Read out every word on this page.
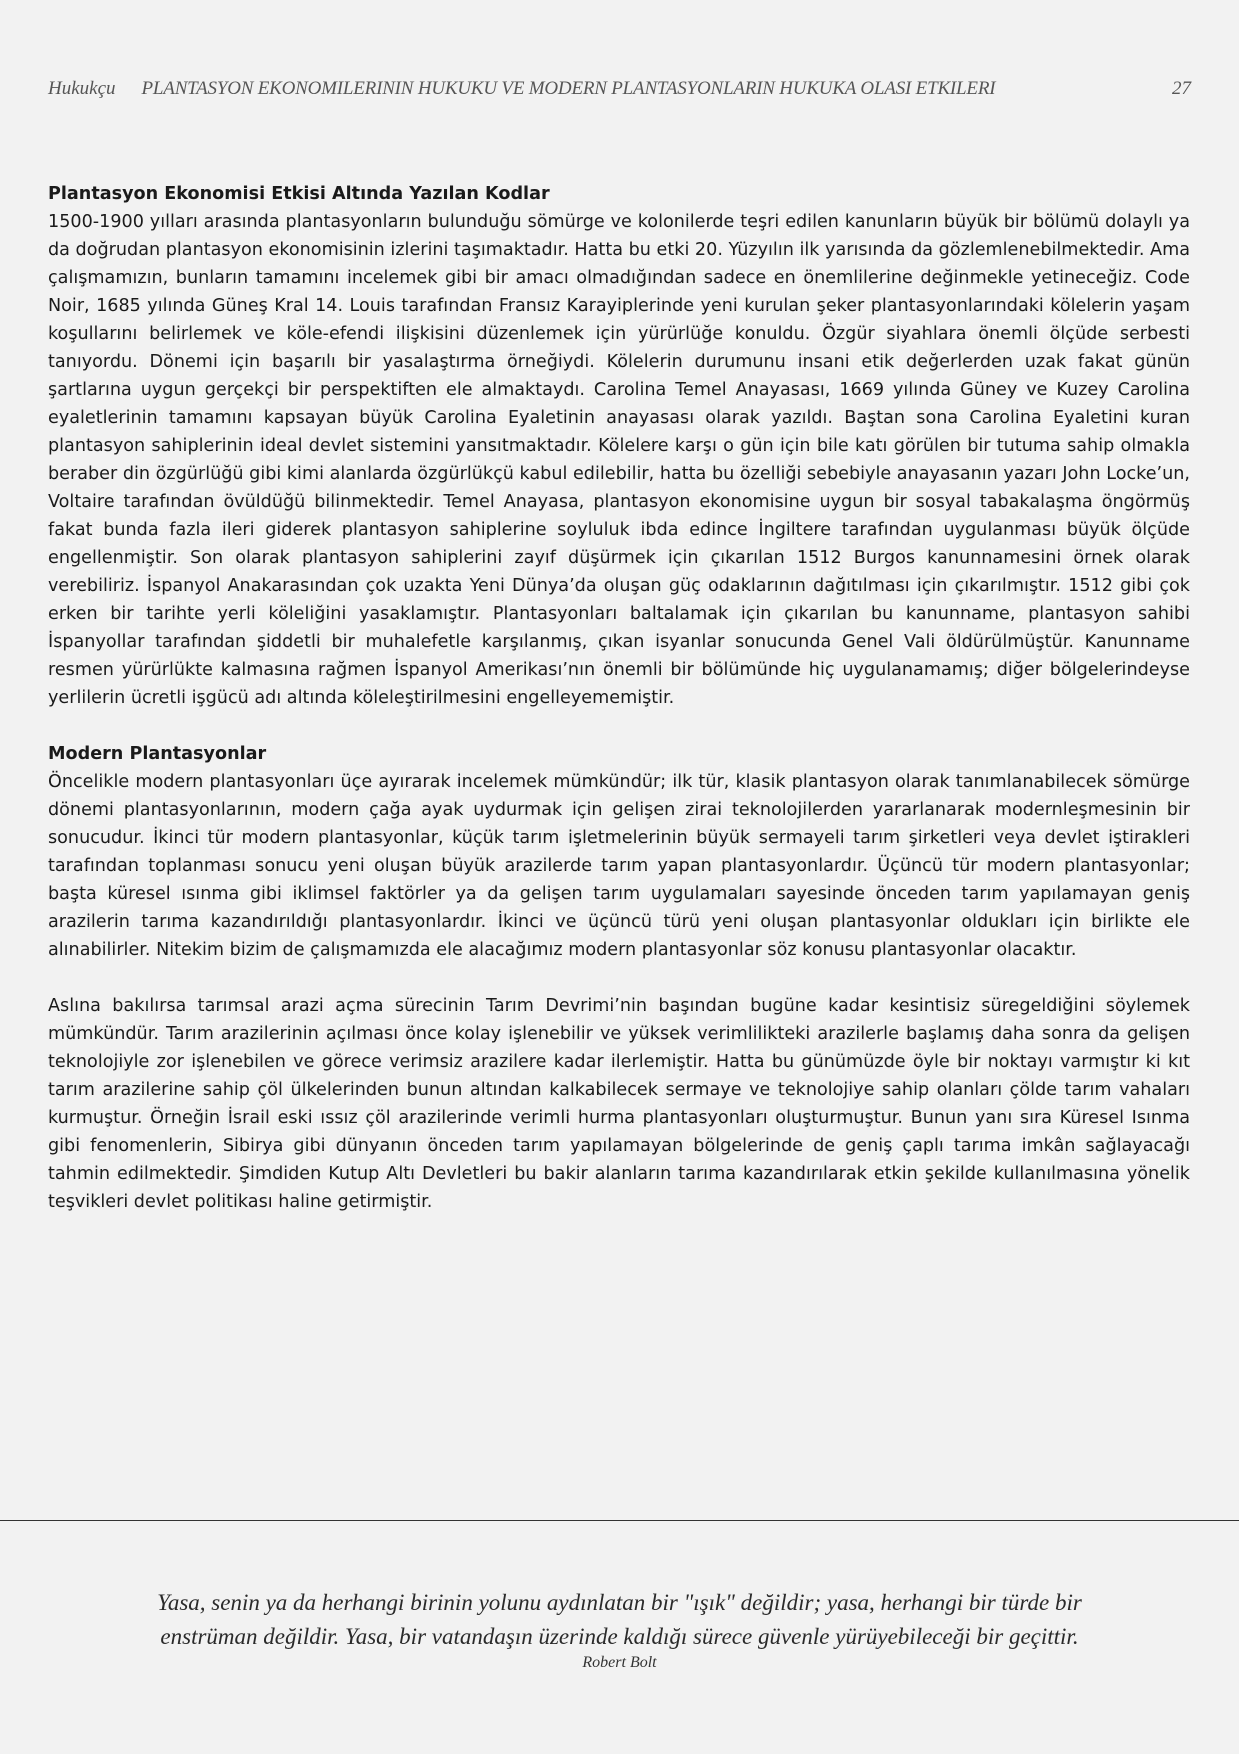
Hukukçu PLANTASYON EKONOMILERININ HUKUKU VE MODERN PLANTASYONLARIN HUKUKA OLASI ETKILERI	27
Plantasyon Ekonomisi Etkisi Altında Yazılan Kodlar

1500-1900 yılları arasında plantasyonların bulunduğu sömürge ve kolonilerde teşri edilen kanunların büyük bir bölümü dolaylı ya da doğrudan plantasyon ekonomisinin izlerini taşımaktadır. Hatta bu etki 20. Yüzyılın ilk yarısında da gözlemlenebilmektedir. Ama çalışmamızın, bunların tamamını incelemek gibi bir amacı olmadığından sadece en önemlilerine değinmekle yetineceğiz. Code Noir, 1685 yılında Güneş Kral 14. Louis tarafından Fransız Karayiplerinde yeni kurulan şeker plantasyonlarındaki kölelerin yaşam koşullarını belirlemek ve köle-efendi ilişkisini düzenlemek için yürürlüğe konuldu. Özgür siyahlara önemli ölçüde serbesti tanıyordu. Dönemi için başarılı bir yasalaştırma örneğiydi. Kölelerin durumunu insani etik değerlerden uzak fakat günün şartlarına uygun gerçekçi bir perspektiften ele almaktaydı. Carolina Temel Anayasası, 1669 yılında Güney ve Kuzey Carolina eyaletlerinin tamamını kapsayan büyük Carolina Eyaletinin anayasası olarak yazıldı. Baştan sona Carolina Eyaletini kuran plantasyon sahiplerinin ideal devlet sistemini yansıtmaktadır. Kölelere karşı o gün için bile katı görülen bir tutuma sahip olmakla beraber din özgürlüğü gibi kimi alanlarda özgürlükçü kabul edilebilir, hatta bu özelliği sebebiyle anayasanın yazarı John Locke’un, Voltaire tarafından övüldüğü bilinmektedir. Temel Anayasa, plantasyon ekonomisine uygun bir sosyal tabakalaşma öngörmüş fakat bunda fazla ileri giderek plantasyon sahiplerine soyluluk ibda edince İngiltere tarafından uygulanması büyük ölçüde engellenmiştir. Son olarak plantasyon sahiplerini zayıf düşürmek için çıkarılan 1512 Burgos kanunnamesini örnek olarak verebiliriz. İspanyol Anakarasından çok uzakta Yeni Dünya’da oluşan güç odaklarının dağıtılması için çıkarılmıştır. 1512 gibi çok erken bir tarihte yerli köleliğini yasaklamıştır. Plantasyonları baltalamak için çıkarılan bu kanunname, plantasyon sahibi İspanyollar tarafından şiddetli bir muhalefetle karşılanmış, çıkan isyanlar sonucunda Genel Vali öldürülmüştür. Kanunname resmen yürürlükte kalmasına rağmen İspanyol Amerikası’nın önemli bir bölümünde hiç uygulanamamış; diğer bölgelerindeyse yerlilerin ücretli işgücü adı altında köleleştirilmesini engelleyememiştir.

Modern Plantasyonlar

Öncelikle modern plantasyonları üçe ayırarak incelemek mümkündür; ilk tür, klasik plantasyon olarak tanımlanabilecek sömürge dönemi plantasyonlarının, modern çağa ayak uydurmak için gelişen zirai teknolojilerden yararlanarak modernleşmesinin bir sonucudur. İkinci tür modern plantasyonlar, küçük tarım işletmelerinin büyük sermayeli tarım şirketleri veya devlet iştirakleri tarafından toplanması sonucu yeni oluşan büyük arazilerde tarım yapan plantasyonlardır. Üçüncü tür modern plantasyonlar; başta küresel ısınma gibi iklimsel faktörler ya da gelişen tarım uygulamaları sayesinde önceden tarım yapılamayan geniş arazilerin tarıma kazandırıldığı plantasyonlardır. İkinci ve üçüncü türü yeni oluşan plantasyonlar oldukları için birlikte ele alınabilirler. Nitekim bizim de çalışmamızda ele alacağımız modern plantasyonlar söz konusu plantasyonlar olacaktır.

Aslına bakılırsa tarımsal arazi açma sürecinin Tarım Devrimi’nin başından bugüne kadar kesintisiz süregeldiğini söylemek mümkündür. Tarım arazilerinin açılması önce kolay işlenebilir ve yüksek verimlilikteki arazilerle başlamış daha sonra da gelişen teknolojiyle zor işlenebilen ve görece verimsiz arazilere kadar ilerlemiştir. Hatta bu günümüzde öyle bir noktayı varmıştır ki kıt tarım arazilerine sahip çöl ülkelerinden bunun altından kalkabilecek sermaye ve teknolojiye sahip olanları çölde tarım vahaları kurmuştur. Örneğin İsrail eski ıssız çöl arazilerinde verimli hurma plantasyonları oluşturmuştur. Bunun yanı sıra Küresel Isınma gibi fenomenlerin, Sibirya gibi dünyanın önceden tarım yapılamayan bölgelerinde de geniş çaplı tarıma imkân sağlayacağı tahmin edilmektedir. Şimdiden Kutup Altı Devletleri bu bakir alanların tarıma kazandırılarak etkin şekilde kullanılmasına yönelik teşvikleri devlet politikası haline getirmiştir.

Yasa, senin ya da herhangi birinin yolunu aydınlatan bir "ışık" değildir; yasa, herhangi bir türde bir
enstrüman değildir. Yasa, bir vatandaşın üzerinde kaldığı sürece güvenle yürüyebileceği bir geçittir.
Robert Bolt
